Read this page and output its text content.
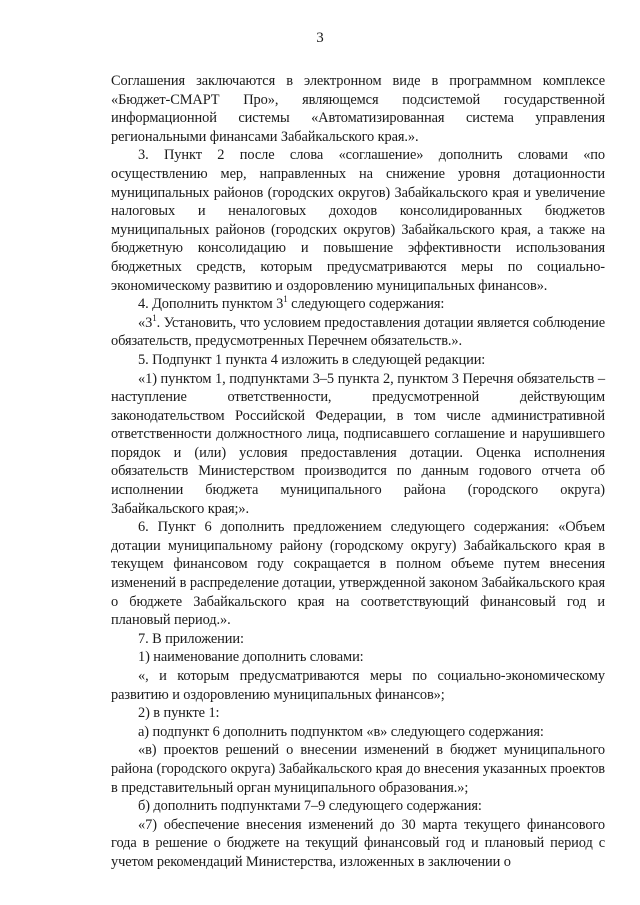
3

Соглашения заключаются в электронном виде в программном комплексе «Бюджет-СМАРТ Про», являющемся подсистемой государственной информационной системы «Автоматизированная система управления региональными финансами Забайкальского края.».

3. Пункт 2 после слова «соглашение» дополнить словами «по осуществлению мер, направленных на снижение уровня дотационности муниципальных районов (городских округов) Забайкальского края и увеличение налоговых и неналоговых доходов консолидированных бюджетов муниципальных районов (городских округов) Забайкальского края, а также на бюджетную консолидацию и повышение эффективности использования бюджетных средств, которым предусматриваются меры по социально-экономическому развитию и оздоровлению муниципальных финансов».

4. Дополнить пунктом $3^1$ следующего содержания:

«$3^1$. Установить, что условием предоставления дотации является соблюдение обязательств, предусмотренных Перечнем обязательств.».

5. Подпункт 1 пункта 4 изложить в следующей редакции:

«1) пунктом 1, подпунктами 3–5 пункта 2, пунктом 3 Перечня обязательств – наступление ответственности, предусмотренной действующим законодательством Российской Федерации, в том числе административной ответственности должностного лица, подписавшего соглашение и нарушившего порядок и (или) условия предоставления дотации. Оценка исполнения обязательств Министерством производится по данным годового отчета об исполнении бюджета муниципального района (городского округа) Забайкальского края;».

6. Пункт 6 дополнить предложением следующего содержания: «Объем дотации муниципальному району (городскому округу) Забайкальского края в текущем финансовом году сокращается в полном объеме путем внесения изменений в распределение дотации, утвержденной законом Забайкальского края о бюджете Забайкальского края на соответствующий финансовый год и плановый период.».

7. В приложении:

1) наименование дополнить словами:

«, и которым предусматриваются меры по социально-экономическому развитию и оздоровлению муниципальных финансов»;

2) в пункте 1:

а) подпункт 6 дополнить подпунктом «в» следующего содержания:

«в) проектов решений о внесении изменений в бюджет муниципального района (городского округа) Забайкальского края до внесения указанных проектов в представительный орган муниципального образования.»;

б) дополнить подпунктами 7–9 следующего содержания:

«7) обеспечение внесения изменений до 30 марта текущего финансового года в решение о бюджете на текущий финансовый год и плановый период с учетом рекомендаций Министерства, изложенных в заключении о
